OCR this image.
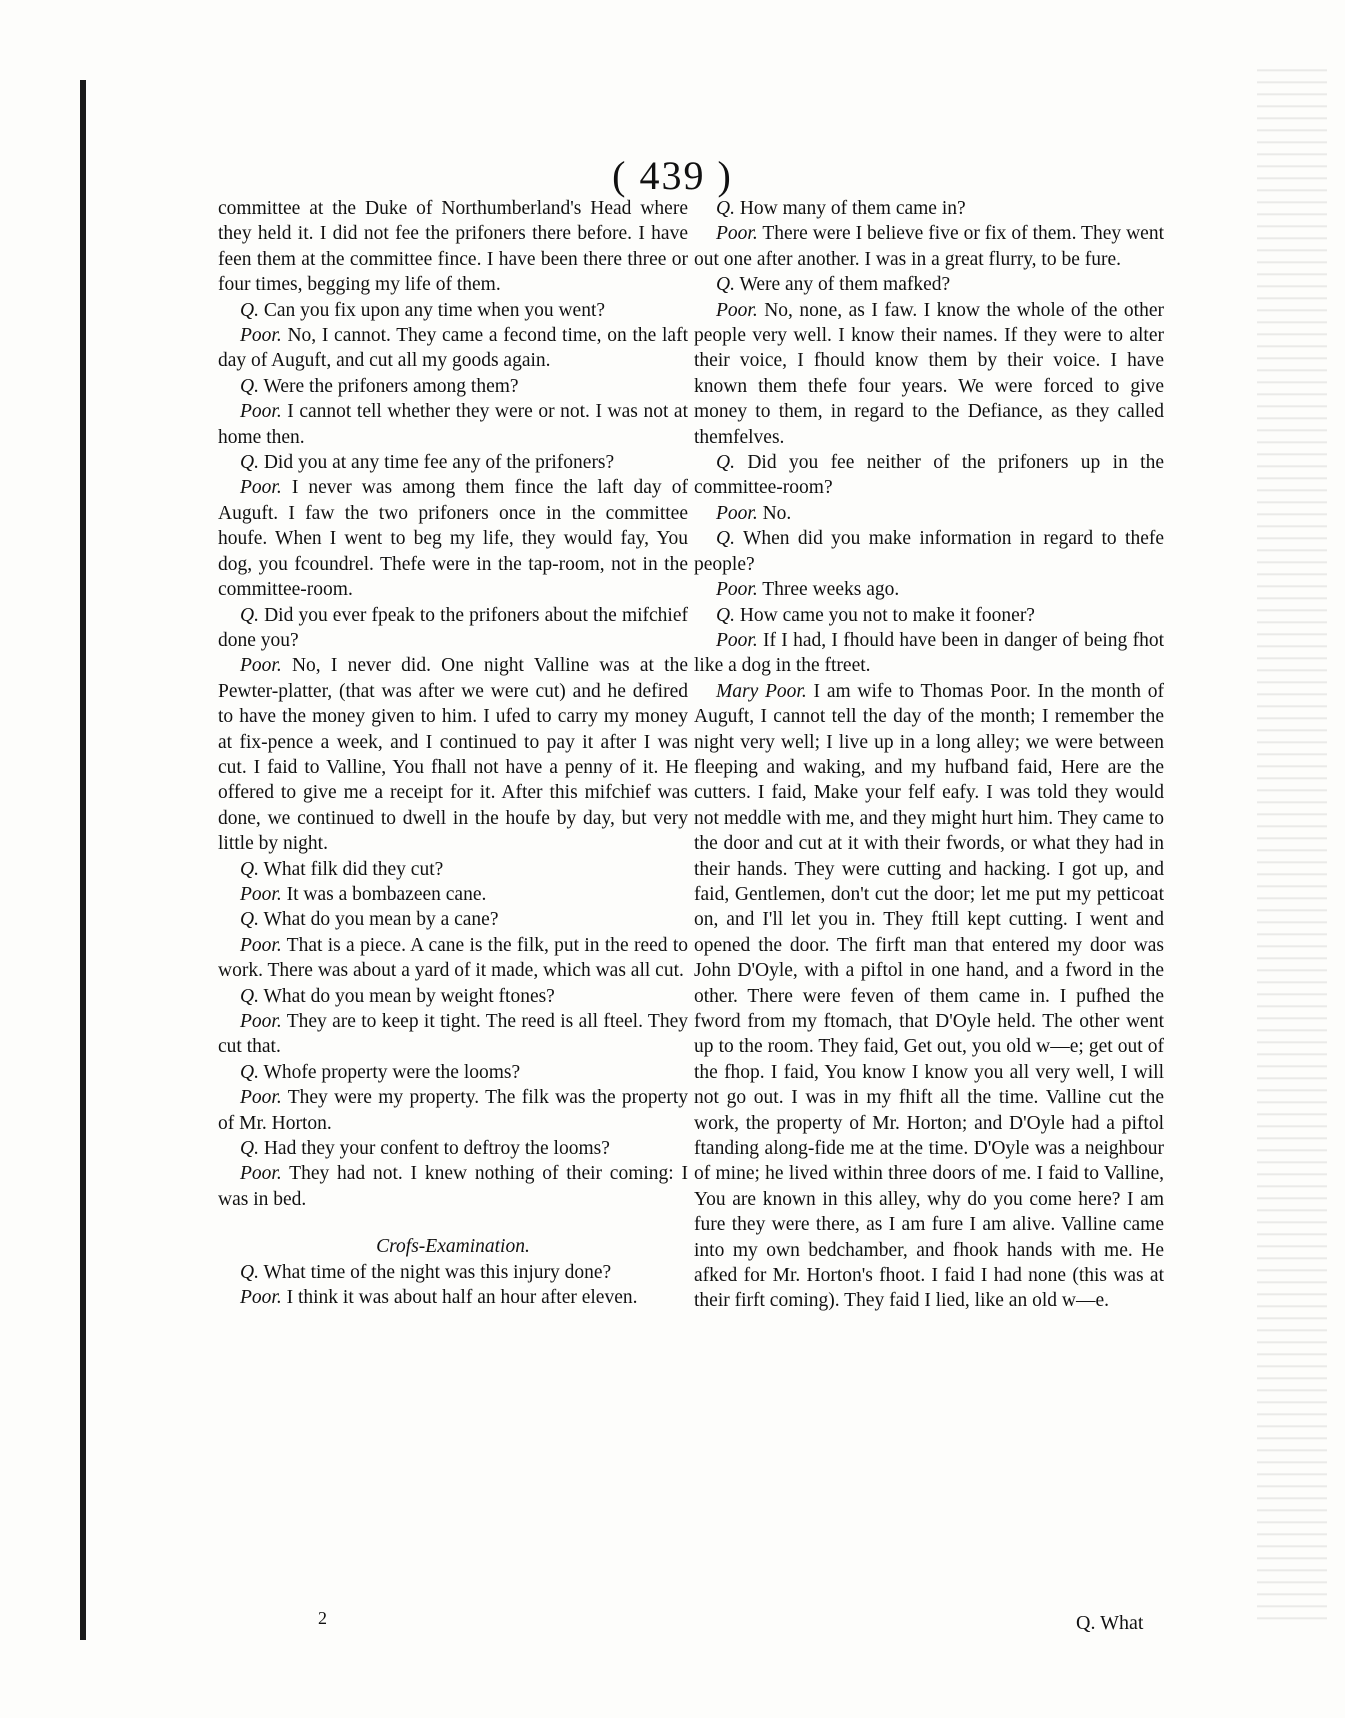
( 439 )

committee at the Duke of Northumberland's Head where they held it. I did not fee the prifoners there before. I have feen them at the committee fince. I have been there three or four times, begging my life of them.

Q. Can you fix upon any time when you went?

Poor. No, I cannot. They came a fecond time, on the laft day of Auguft, and cut all my goods again.

Q. Were the prifoners among them?

Poor. I cannot tell whether they were or not. I was not at home then.

Q. Did you at any time fee any of the prifoners?

Poor. I never was among them fince the laft day of Auguft. I faw the two prifoners once in the committee houfe. When I went to beg my life, they would fay, You dog, you fcoundrel. Thefe were in the tap-room, not in the committee-room.

Q. Did you ever fpeak to the prifoners about the mifchief done you?

Poor. No, I never did. One night Valline was at the Pewter-platter, (that was after we were cut) and he defired to have the money given to him. I ufed to carry my money at fix-pence a week, and I continued to pay it after I was cut. I faid to Valline, You fhall not have a penny of it. He offered to give me a receipt for it. After this mifchief was done, we continued to dwell in the houfe by day, but very little by night.

Q. What filk did they cut?

Poor. It was a bombazeen cane.

Q. What do you mean by a cane?

Poor. That is a piece. A cane is the filk, put in the reed to work. There was about a yard of it made, which was all cut.

Q. What do you mean by weight ftones?

Poor. They are to keep it tight. The reed is all fteel. They cut that.

Q. Whofe property were the looms?

Poor. They were my property. The filk was the property of Mr. Horton.

Q. Had they your confent to deftroy the looms?

Poor. They had not. I knew nothing of their coming: I was in bed.

Crofs-Examination.

Q. What time of the night was this injury done?

Poor. I think it was about half an hour after eleven.

Q. How many of them came in?

Poor. There were I believe five or fix of them. They went out one after another. I was in a great flurry, to be fure.

Q. Were any of them mafked?

Poor. No, none, as I faw. I know the whole of the other people very well. I know their names. If they were to alter their voice, I fhould know them by their voice. I have known them thefe four years. We were forced to give money to them, in regard to the Defiance, as they called themfelves.

Q. Did you fee neither of the prifoners up in the committee-room?

Poor. No.

Q. When did you make information in regard to thefe people?

Poor. Three weeks ago.

Q. How came you not to make it fooner?

Poor. If I had, I fhould have been in danger of being fhot like a dog in the ftreet.

Mary Poor. I am wife to Thomas Poor. In the month of Auguft, I cannot tell the day of the month; I remember the night very well; I live up in a long alley; we were between fleeping and waking, and my hufband faid, Here are the cutters. I faid, Make your felf eafy. I was told they would not meddle with me, and they might hurt him. They came to the door and cut at it with their fwords, or what they had in their hands. They were cutting and hacking. I got up, and faid, Gentlemen, don't cut the door; let me put my petticoat on, and I'll let you in. They ftill kept cutting. I went and opened the door. The firft man that entered my door was John D'Oyle, with a piftol in one hand, and a fword in the other. There were feven of them came in. I pufhed the fword from my ftomach, that D'Oyle held. The other went up to the room. They faid, Get out, you old w—e; get out of the fhop. I faid, You know I know you all very well, I will not go out. I was in my fhift all the time. Valline cut the work, the property of Mr. Horton; and D'Oyle had a piftol ftanding along-fide me at the time. D'Oyle was a neighbour of mine; he lived within three doors of me. I faid to Valline, You are known in this alley, why do you come here? I am fure they were there, as I am fure I am alive. Valline came into my own bedchamber, and fhook hands with me. He afked for Mr. Horton's fhoot. I faid I had none (this was at their firft coming). They faid I lied, like an old w—e.

2	Q. What
